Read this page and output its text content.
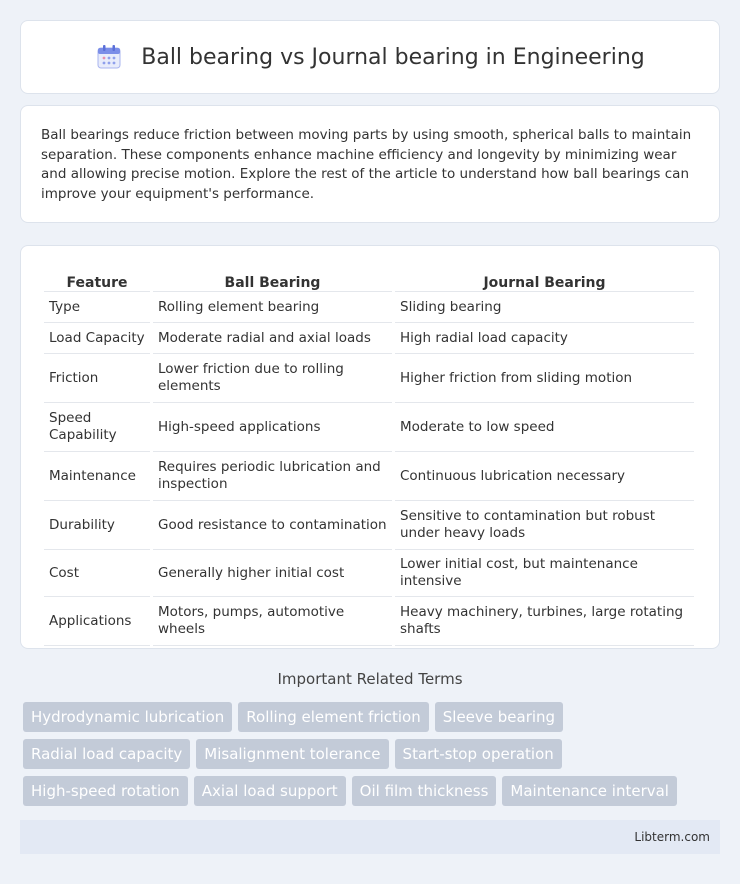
Ball bearing vs Journal bearing in Engineering

Ball bearings reduce friction between moving parts by using smooth, spherical balls to maintain separation. These components enhance machine efficiency and longevity by minimizing wear and allowing precise motion. Explore the rest of the article to understand how ball bearings can improve your equipment's performance.

Feature	Ball Bearing	Journal Bearing
Type	Rolling element bearing	Sliding bearing
Load Capacity	Moderate radial and axial loads	High radial load capacity
Friction	Lower friction due to rolling elements	Higher friction from sliding motion
Speed Capability	High-speed applications	Moderate to low speed
Maintenance	Requires periodic lubrication and inspection	Continuous lubrication necessary
Durability	Good resistance to contamination	Sensitive to contamination but robust under heavy loads
Cost	Generally higher initial cost	Lower initial cost, but maintenance intensive
Applications	Motors, pumps, automotive wheels	Heavy machinery, turbines, large rotating shafts
Important Related Terms
Hydrodynamic lubrication	Rolling element friction	Sleeve bearing
Radial load capacity	Misalignment tolerance	Start-stop operation
High-speed rotation	Axial load support	Oil film thickness	Maintenance interval
Libterm.com
